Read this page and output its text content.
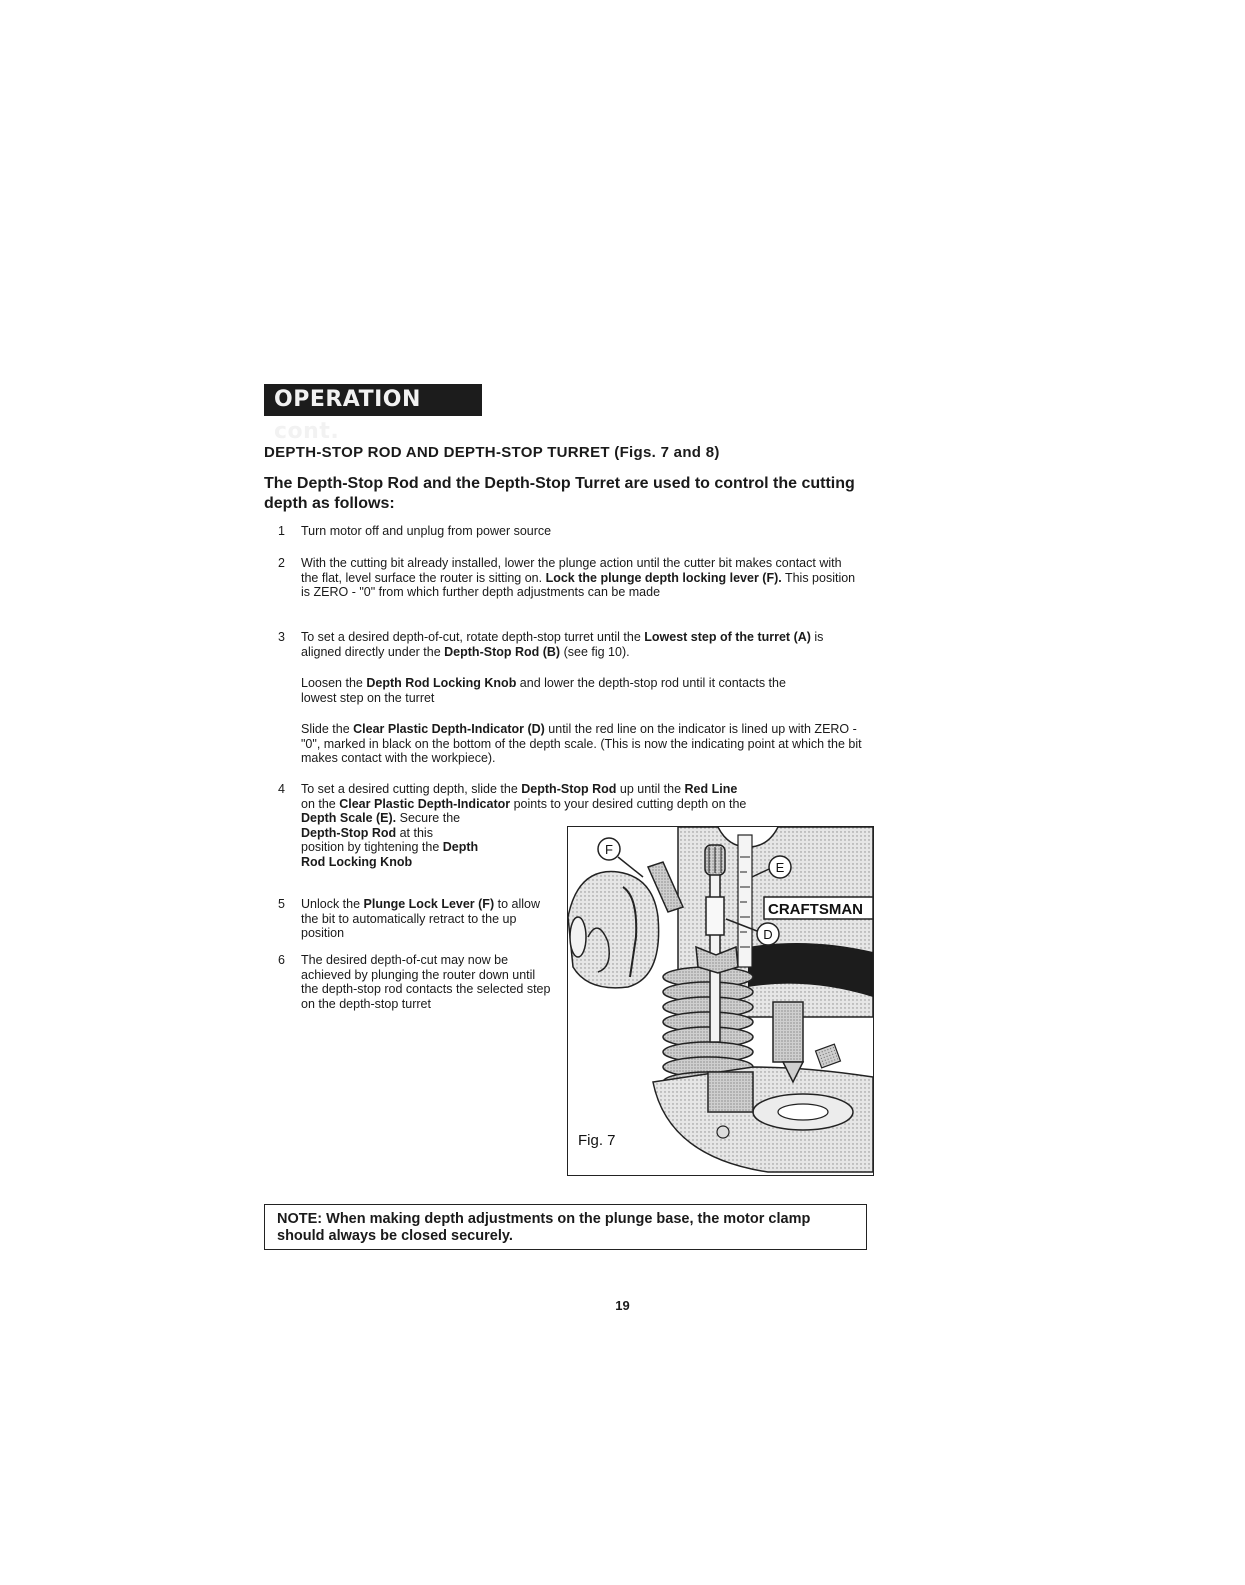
OPERATION cont.
DEPTH-STOP ROD AND DEPTH-STOP TURRET (Figs. 7 and 8)
The Depth-Stop Rod and the Depth-Stop Turret are used to control the cutting depth as follows:
1	Turn motor off and unplug from power source
2	With the cutting bit already installed, lower the plunge action until the cutter bit makes contact with the flat, level surface the router is sitting on. Lock the plunge depth locking lever (F). This position is ZERO - "0" from which further depth adjustments can be made
3	To set a desired depth-of-cut, rotate depth-stop turret until the Lowest step of the turret (A) is aligned directly under the Depth-Stop Rod (B) (see fig 10).
Loosen the Depth Rod Locking Knob and lower the depth-stop rod until it contacts the lowest step on the turret
Slide the Clear Plastic Depth-Indicator (D) until the red line on the indicator is lined up with ZERO - "0", marked in black on the bottom of the depth scale. (This is now the indicating point at which the bit makes contact with the workpiece).
4	To set a desired cutting depth, slide the Depth-Stop Rod up until the Red Line
on the Clear Plastic Depth-Indicator points to your desired cutting depth on the
Depth Scale (E). Secure the
Depth-Stop Rod at this
position by tightening the Depth
Rod Locking Knob
5	Unlock the Plunge Lock Lever (F) to allow the bit to automatically retract to the up position
6	The desired depth-of-cut may now be achieved by plunging the router down until the depth-stop rod contacts the selected step on the depth-stop turret
CRAFTSMAN
F
E
D
Fig. 7
NOTE: When making depth adjustments on the plunge base, the motor clamp should always be closed securely.
19
